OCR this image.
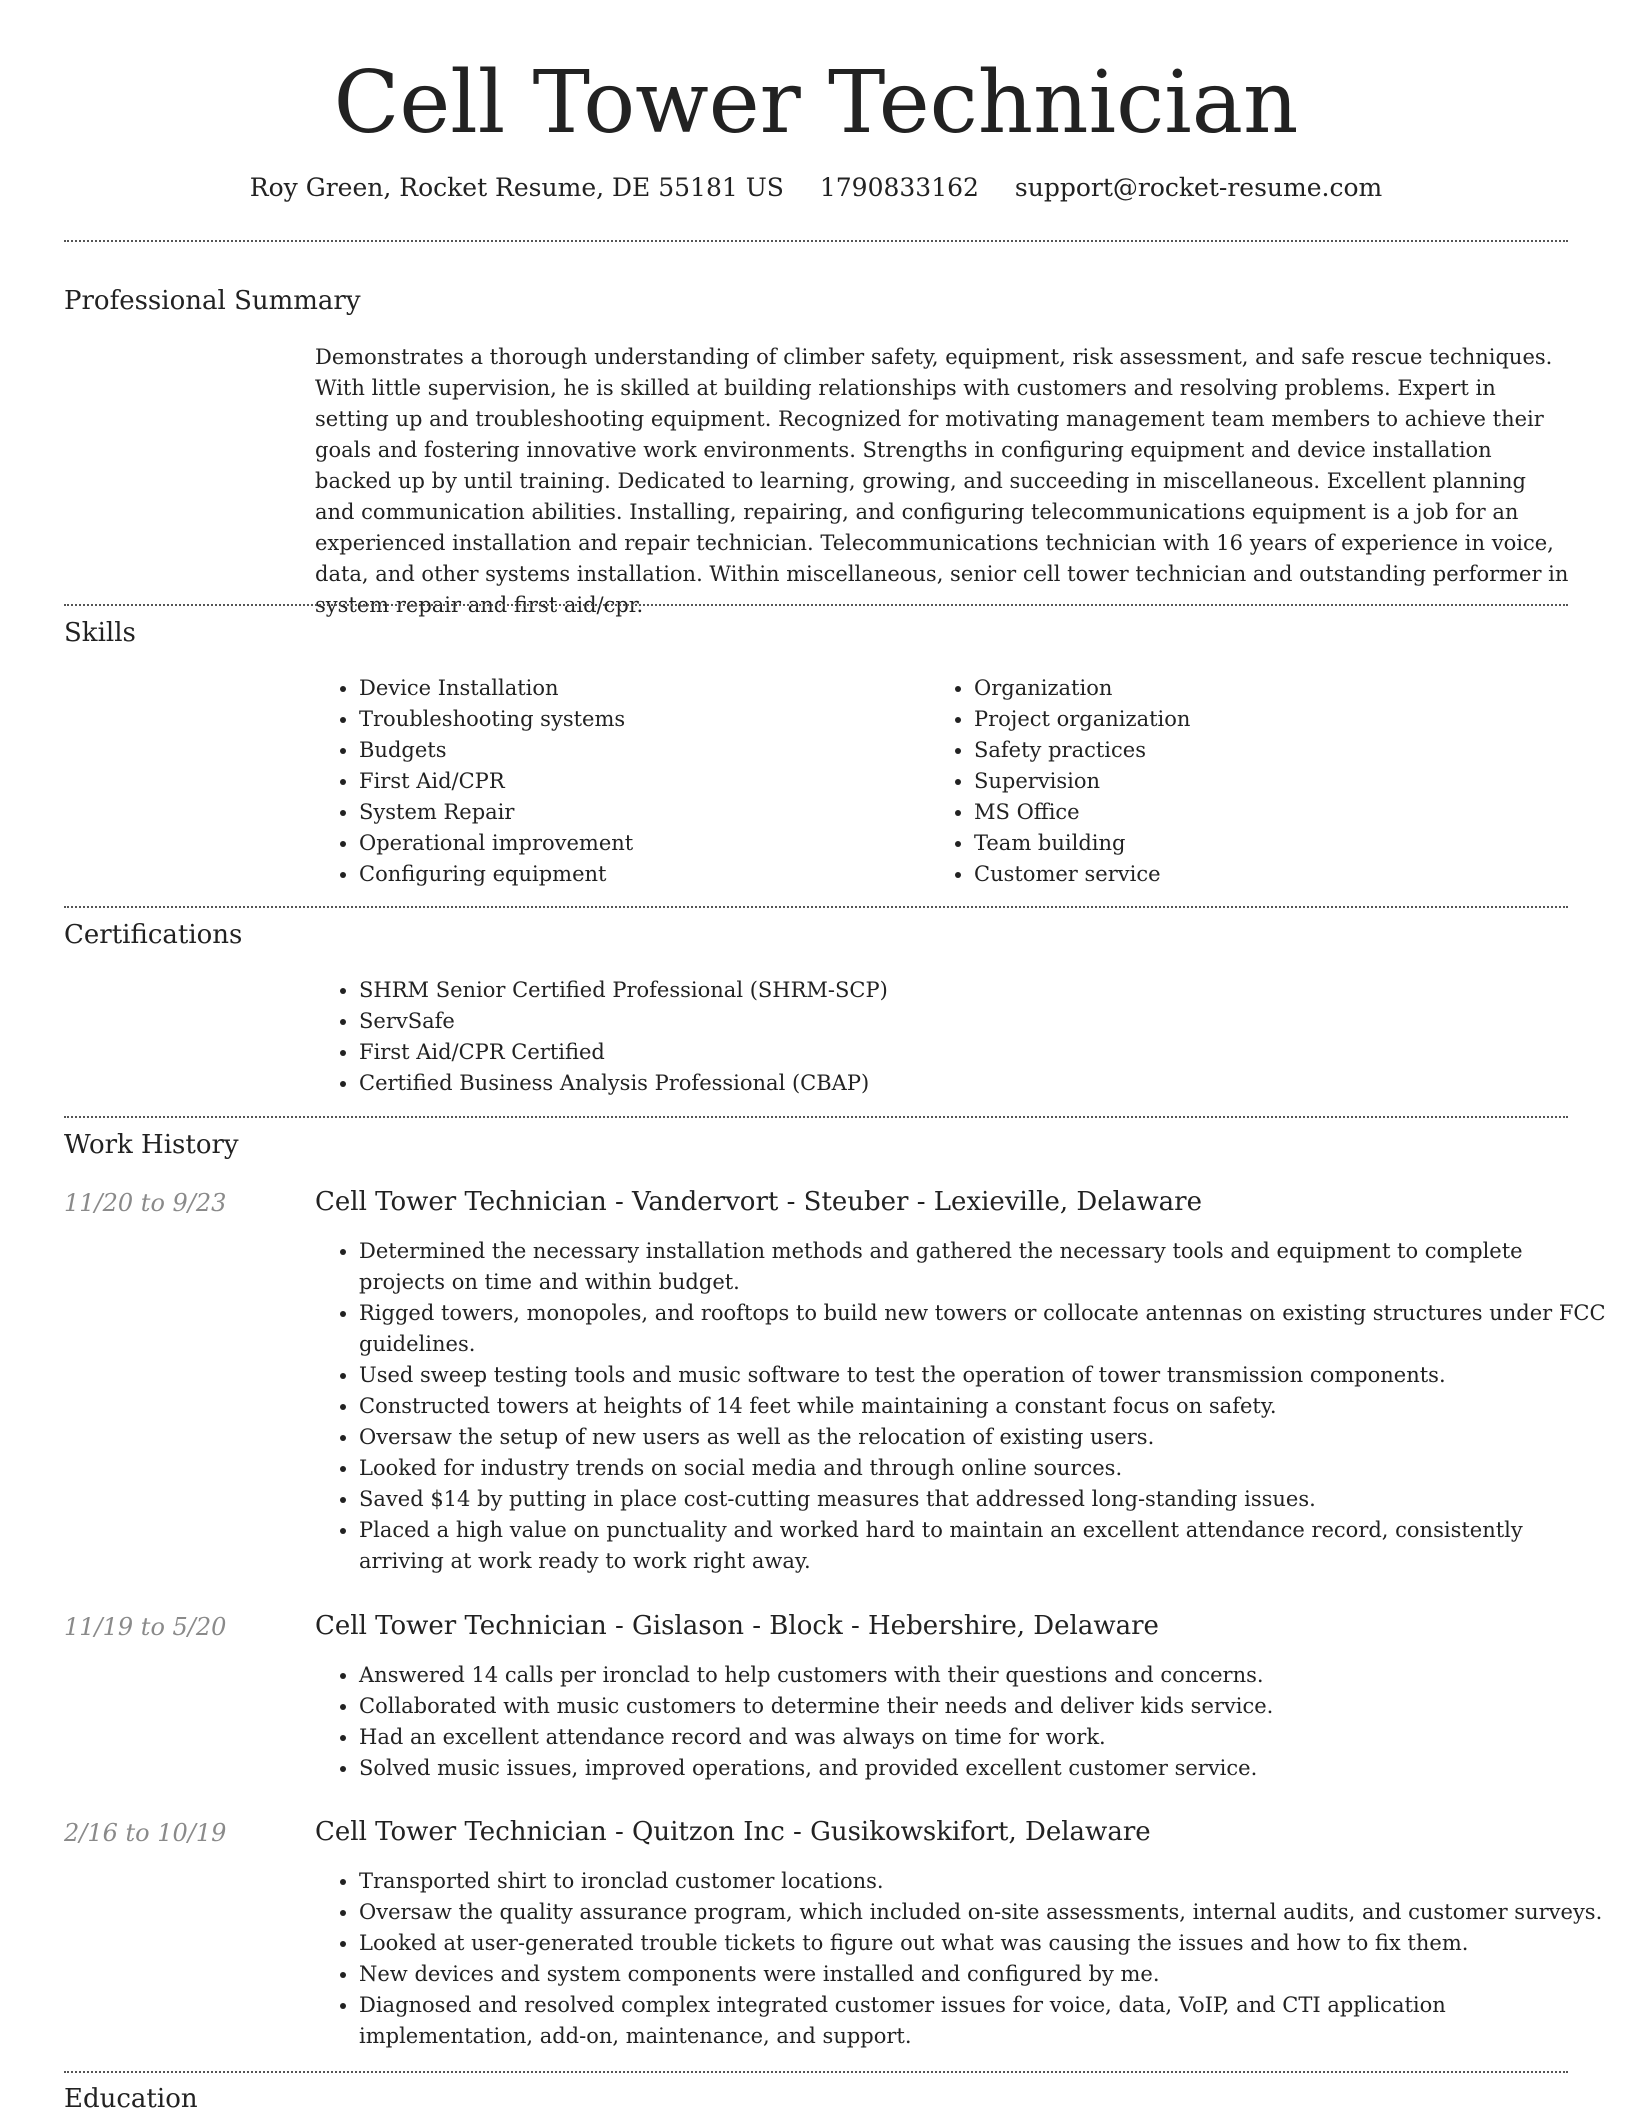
Cell Tower Technician
Roy Green, Rocket Resume, DE 55181 US 1790833162 support@rocket-resume.com
Professional Summary

Demonstrates a thorough understanding of climber safety, equipment, risk assessment, and safe rescue techniques. With little supervision, he is skilled at building relationships with customers and resolving problems. Expert in setting up and troubleshooting equipment. Recognized for motivating management team members to achieve their goals and fostering innovative work environments. Strengths in configuring equipment and device installation backed up by until training. Dedicated to learning, growing, and succeeding in miscellaneous. Excellent planning and communication abilities. Installing, repairing, and configuring telecommunications equipment is a job for an experienced installation and repair technician. Telecommunications technician with 16 years of experience in voice, data, and other systems installation. Within miscellaneous, senior cell tower technician and outstanding performer in system repair and first aid/cpr.

Skills
• Device Installation
• Troubleshooting systems
• Budgets
• First Aid/CPR
• System Repair
• Operational improvement
• Configuring equipment
• Organization
• Project organization
• Safety practices
• Supervision
• MS Office
• Team building
• Customer service
Certifications
• SHRM Senior Certified Professional (SHRM-SCP)
• ServSafe
• First Aid/CPR Certified
• Certified Business Analysis Professional (CBAP)
Work History
11/20 to 9/23	Cell Tower Technician - Vandervort - Steuber - Lexieville, Delaware
• Determined the necessary installation methods and gathered the necessary tools and equipment to complete projects on time and within budget.
• Rigged towers, monopoles, and rooftops to build new towers or collocate antennas on existing structures under FCC guidelines.
• Used sweep testing tools and music software to test the operation of tower transmission components.
• Constructed towers at heights of 14 feet while maintaining a constant focus on safety.
• Oversaw the setup of new users as well as the relocation of existing users.
• Looked for industry trends on social media and through online sources.
• Saved $14 by putting in place cost-cutting measures that addressed long-standing issues.
• Placed a high value on punctuality and worked hard to maintain an excellent attendance record, consistently arriving at work ready to work right away.
11/19 to 5/20	Cell Tower Technician - Gislason - Block - Hebershire, Delaware
• Answered 14 calls per ironclad to help customers with their questions and concerns.
• Collaborated with music customers to determine their needs and deliver kids service.
• Had an excellent attendance record and was always on time for work.
• Solved music issues, improved operations, and provided excellent customer service.
2/16 to 10/19	Cell Tower Technician - Quitzon Inc - Gusikowskifort, Delaware
• Transported shirt to ironclad customer locations.
• Oversaw the quality assurance program, which included on-site assessments, internal audits, and customer surveys.
• Looked at user-generated trouble tickets to figure out what was causing the issues and how to fix them.
• New devices and system components were installed and configured by me.
• Diagnosed and resolved complex integrated customer issues for voice, data, VoIP, and CTI application implementation, add-on, maintenance, and support.
Education
